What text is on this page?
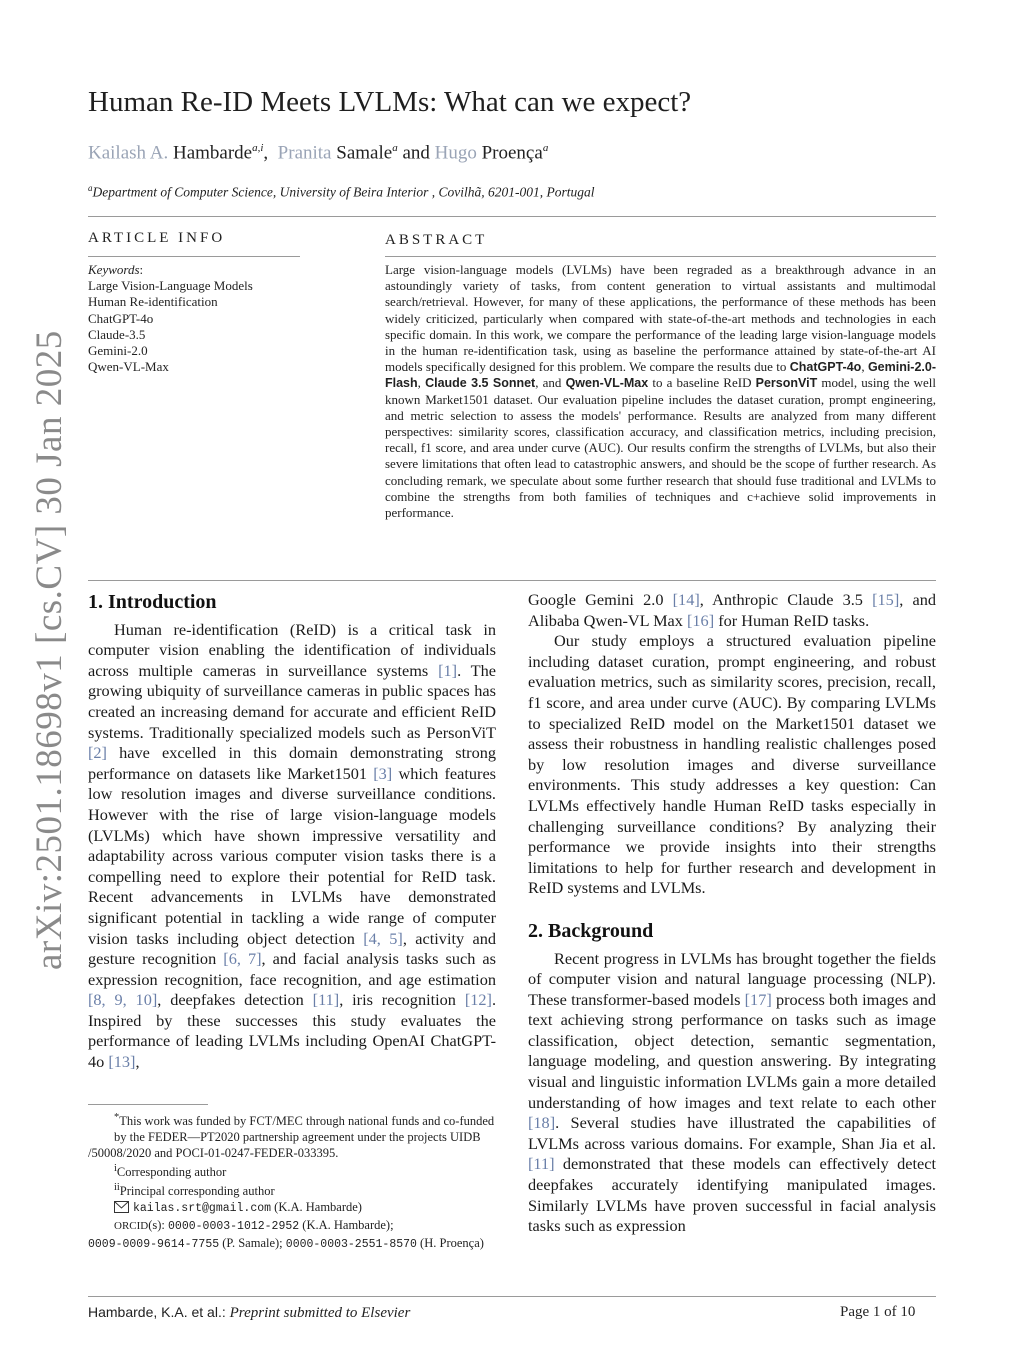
arXiv:2501.18698v1 [cs.CV] 30 Jan 2025
Human Re-ID Meets LVLMs: What can we expect?
Kailash A. Hambarde$^{a,i}$, Pranita Samale$^a$ and Hugo Proença$^a$
$^a$Department of Computer Science, University of Beira Interior , Covilhã, 6201-001, Portugal
ARTICLE INFO
Keywords:
Large Vision-Language Models
Human Re-identification
ChatGPT-4o
Claude-3.5
Gemini-2.0
Qwen-VL-Max
ABSTRACT
Large vision-language models (LVLMs) have been regraded as a breakthrough advance in an astoundingly variety of tasks, from content generation to virtual assistants and multimodal search/retrieval. However, for many of these applications, the performance of these methods has been widely criticized, particularly when compared with state-of-the-art methods and technologies in each specific domain. In this work, we compare the performance of the leading large vision-language models in the human re-identification task, using as baseline the performance attained by state-of-the-art AI models specifically designed for this problem. We compare the results due to ChatGPT-4o, Gemini-2.0-Flash, Claude 3.5 Sonnet, and Qwen-VL-Max to a baseline ReID PersonViT model, using the well known Market1501 dataset. Our evaluation pipeline includes the dataset curation, prompt engineering, and metric selection to assess the models' performance. Results are analyzed from many different perspectives: similarity scores, classification accuracy, and classification metrics, including precision, recall, f1 score, and area under curve (AUC). Our results confirm the strengths of LVLMs, but also their severe limitations that often lead to catastrophic answers, and should be the scope of further research. As concluding remark, we speculate about some further research that should fuse traditional and LVLMs to combine the strengths from both families of techniques and c+achieve solid improvements in performance.
1. Introduction

Human re-identification (ReID) is a critical task in computer vision enabling the identification of individuals across multiple cameras in surveillance systems [1]. The growing ubiquity of surveillance cameras in public spaces has created an increasing demand for accurate and efficient ReID systems. Traditionally specialized models such as PersonViT [2] have excelled in this domain demonstrating strong performance on datasets like Market1501 [3] which features low resolution images and diverse surveillance conditions. However with the rise of large vision-language models (LVLMs) which have shown impressive versatility and adaptability across various computer vision tasks there is a compelling need to explore their potential for ReID task. Recent advancements in LVLMs have demonstrated significant potential in tackling a wide range of computer vision tasks including object detection [4, 5], activity and gesture recognition [6, 7], and facial analysis tasks such as expression recognition, face recognition, and age estimation [8, 9, 10], deepfakes detection [11], iris recognition [12]. Inspired by these successes this study evaluates the performance of leading LVLMs including OpenAI ChatGPT-4o [13],

*This work was funded by FCT/MEC through national funds and co-funded by the FEDER—PT2020 partnership agreement under the projects UIDB
/50008/2020 and POCI-01-0247-FEDER-033395.
$^i$Corresponding author
$^{ii}$Principal corresponding author
kailas.srt@gmail.com (K.A. Hambarde)
ORCID(s): 0000-0003-1012-2952 (K.A. Hambarde);
0009-0009-9614-7755 (P. Samale); 0000-0003-2551-8570 (H. Proença)

Google Gemini 2.0 [14], Anthropic Claude 3.5 [15], and Alibaba Qwen-VL Max [16] for Human ReID tasks.

Our study employs a structured evaluation pipeline including dataset curation, prompt engineering, and robust evaluation metrics, such as similarity scores, precision, recall, f1 score, and area under curve (AUC). By comparing LVLMs to specialized ReID model on the Market1501 dataset we assess their robustness in handling realistic challenges posed by low resolution images and diverse surveillance environments. This study addresses a key question: Can LVLMs effectively handle Human ReID tasks especially in challenging surveillance conditions? By analyzing their performance we provide insights into their strengths limitations to help for further research and development in ReID systems and LVLMs.

2. Background

Recent progress in LVLMs has brought together the fields of computer vision and natural language processing (NLP). These transformer-based models [17] process both images and text achieving strong performance on tasks such as image classification, object detection, semantic segmentation, language modeling, and question answering. By integrating visual and linguistic information LVLMs gain a more detailed understanding of how images and text relate to each other [18]. Several studies have illustrated the capabilities of LVLMs across various domains. For example, Shan Jia et al. [11] demonstrated that these models can effectively detect deepfakes accurately identifying manipulated images. Similarly LVLMs have proven successful in facial analysis tasks such as expression

Hambarde, K.A. et al.: Preprint submitted to Elsevier	Page 1 of 10
